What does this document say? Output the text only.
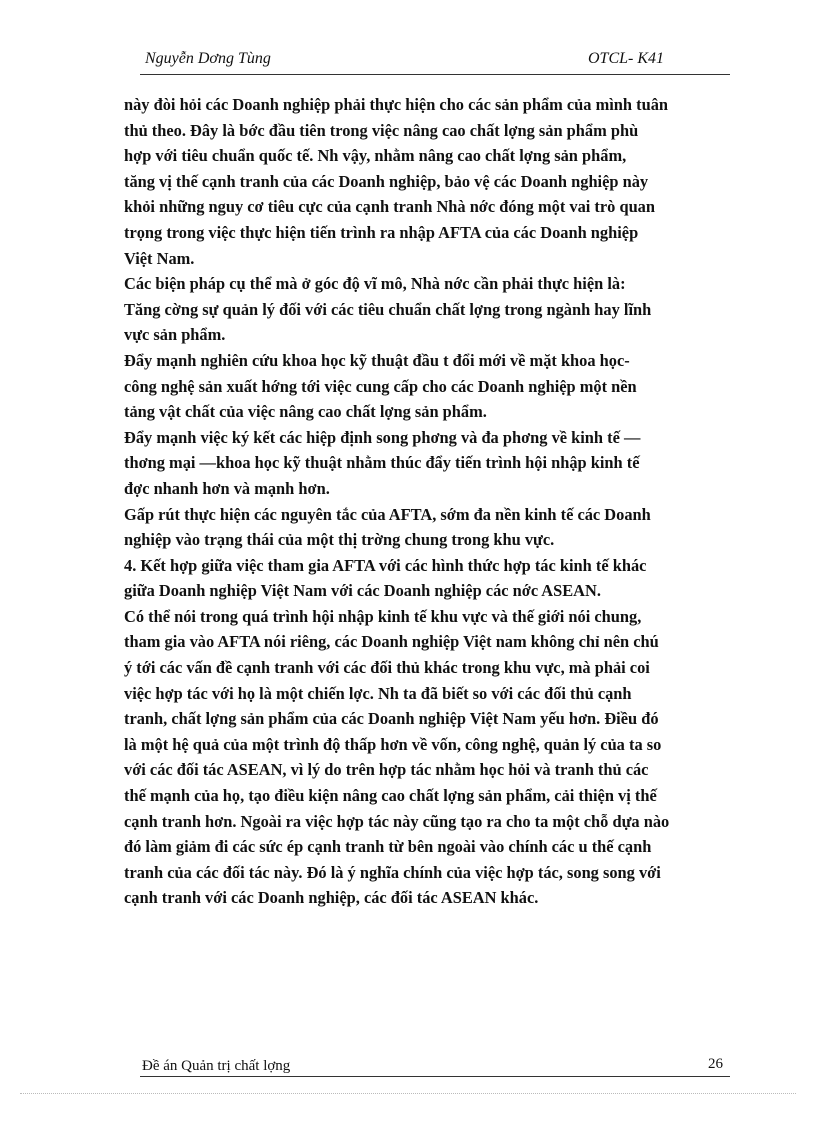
Nguyễn Dơng Tùng	OTCL- K41
này đòi hỏi các Doanh nghiệp phải thực hiện cho các sản phẩm của mình tuân
thủ theo. Đây là bớc đầu tiên trong việc nâng cao chất lợng sản phẩm phù
hợp với tiêu chuẩn quốc tế. Nh vậy, nhằm nâng cao chất lợng sản phẩm,
tăng vị thế cạnh tranh của các Doanh nghiệp, bảo vệ các Doanh nghiệp này
khỏi những nguy cơ tiêu cực của cạnh tranh Nhà nớc đóng một vai trò quan
trọng trong việc thực hiện tiến trình ra nhập AFTA của các Doanh nghiệp
Việt Nam.
Các biện pháp cụ thể mà ở góc độ vĩ mô, Nhà nớc cần phải thực hiện là:
Tăng cờng sự quản lý đối với các tiêu chuẩn chất lợng trong ngành hay lĩnh
vực sản phẩm.
Đẩy mạnh nghiên cứu khoa học kỹ thuật đầu t đổi mới về mặt khoa học-
công nghệ sản xuất hớng tới việc cung cấp cho các Doanh nghiệp một nền
tảng vật chất của việc nâng cao chất lợng sản phẩm.
Đẩy mạnh việc ký kết các hiệp định song phơng và đa phơng về kinh tế —
thơng mại —khoa học kỹ thuật nhằm thúc đẩy tiến trình hội nhập kinh tế
đợc nhanh hơn và mạnh hơn.
Gấp rút thực hiện các nguyên tắc của AFTA, sớm đa nền kinh tế các Doanh
nghiệp vào trạng thái của một thị trờng chung trong khu vực.
4. Kết hợp giữa việc tham gia AFTA với các hình thức hợp tác kinh tế khác
giữa Doanh nghiệp Việt Nam với các Doanh nghiệp các nớc ASEAN.
Có thể nói trong quá trình hội nhập kinh tế khu vực và thế giới nói chung,
tham gia vào AFTA nói riêng, các Doanh nghiệp Việt nam không chỉ nên chú
ý tới các vấn đề cạnh tranh với các đối thủ khác trong khu vực, mà phải coi
việc hợp tác với họ là một chiến lợc. Nh ta đã biết so với các đối thủ cạnh
tranh, chất lợng sản phẩm của các Doanh nghiệp Việt Nam yếu hơn. Điều đó
là một hệ quả của một trình độ thấp hơn về vốn, công nghệ, quản lý của ta so
với các đối tác ASEAN, vì lý do trên hợp tác nhằm học hỏi và tranh thủ các
thế mạnh của họ, tạo điều kiện nâng cao chất lợng sản phẩm, cải thiện vị thế
cạnh tranh hơn. Ngoài ra việc hợp tác này cũng tạo ra cho ta một chỗ dựa nào
đó làm giảm đi các sức ép cạnh tranh từ bên ngoài vào chính các u thế cạnh
tranh của các đối tác này. Đó là ý nghĩa chính của việc hợp tác, song song với
cạnh tranh với các Doanh nghiệp, các đối tác ASEAN khác.
Đề án Quản trị chất lợng	26
